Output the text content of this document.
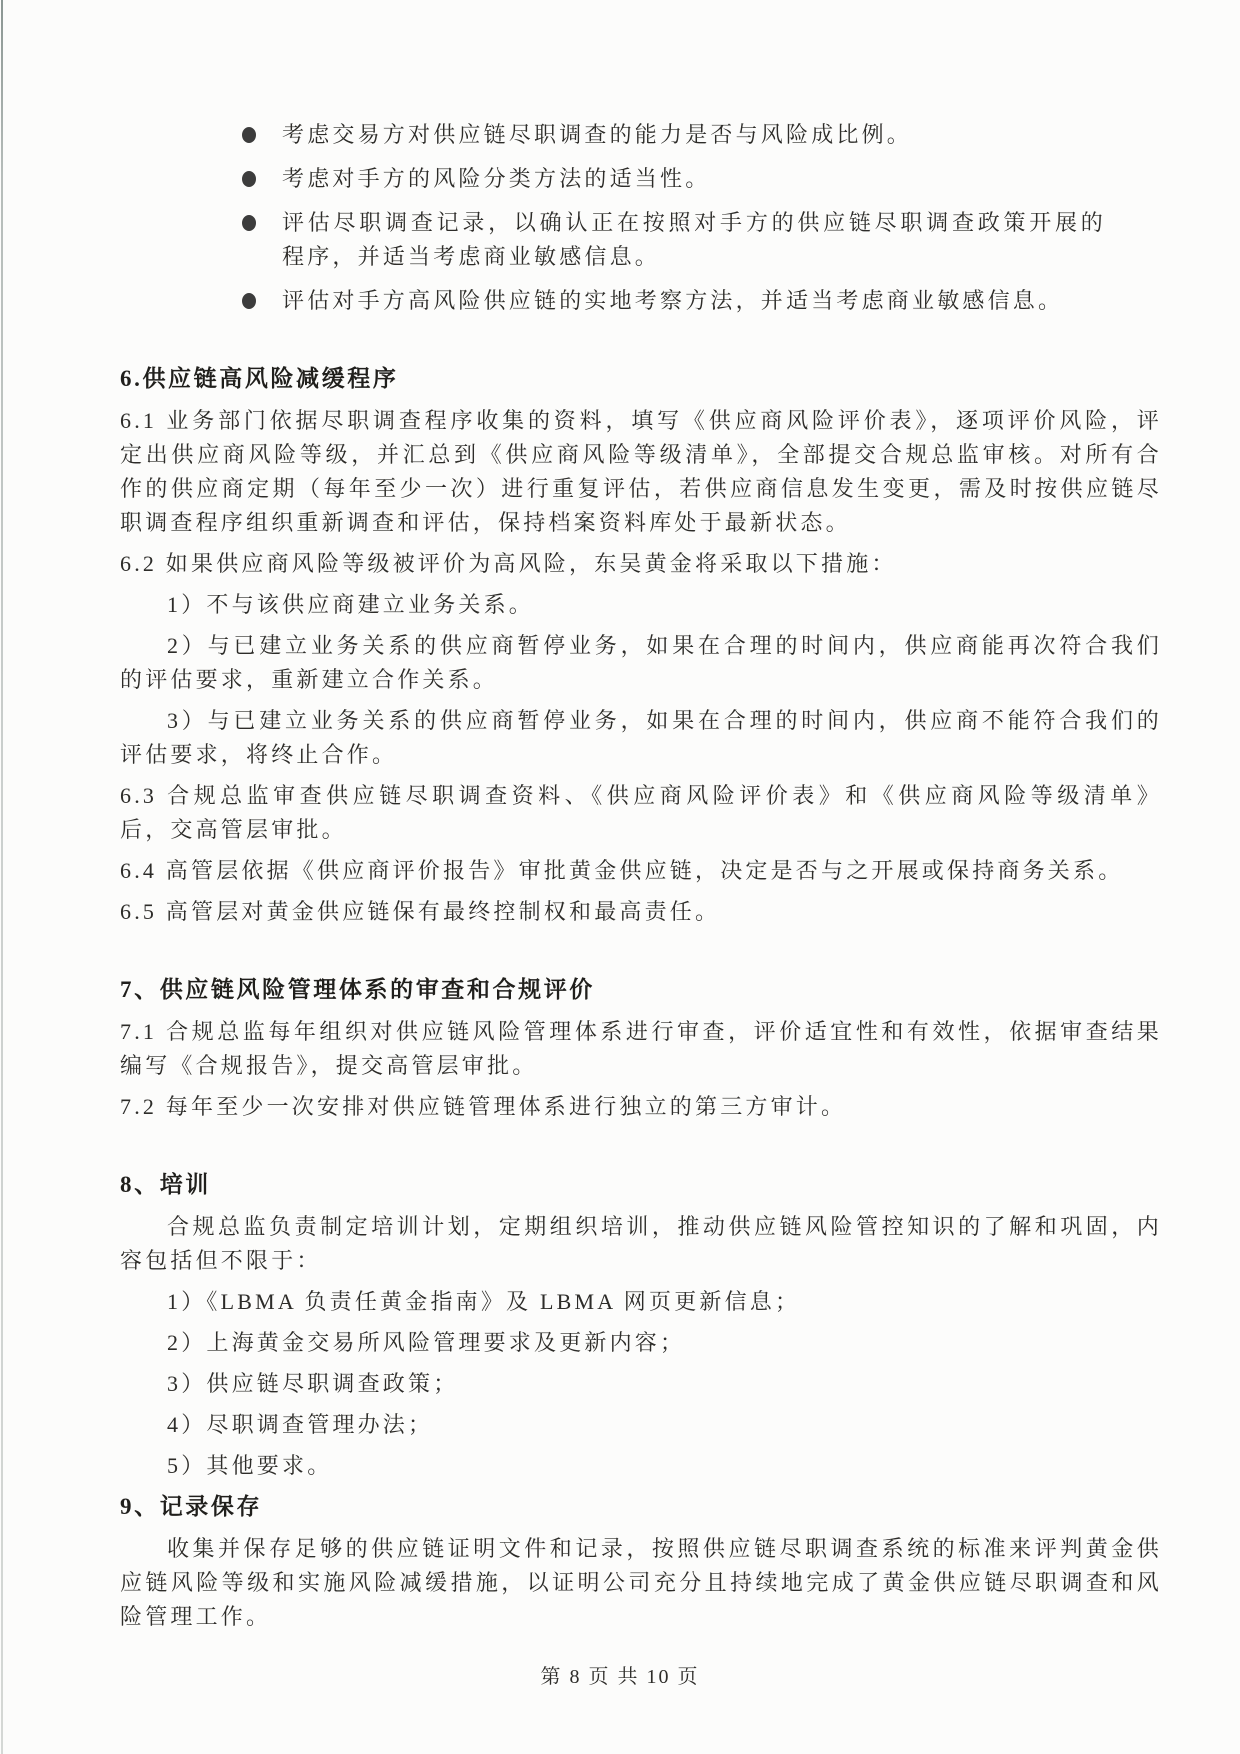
考虑交易方对供应链尽职调查的能力是否与风险成比例。
考虑对手方的风险分类方法的适当性。
评估尽职调查记录，以确认正在按照对手方的供应链尽职调查政策开展的程序，并适当考虑商业敏感信息。
评估对手方高风险供应链的实地考察方法，并适当考虑商业敏感信息。
6.供应链高风险减缓程序

6.1 业务部门依据尽职调查程序收集的资料，填写《供应商风险评价表》，逐项评价风险，评定出供应商风险等级，并汇总到《供应商风险等级清单》，全部提交合规总监审核。对所有合作的供应商定期（每年至少一次）进行重复评估，若供应商信息发生变更，需及时按供应链尽职调查程序组织重新调查和评估，保持档案资料库处于最新状态。

6.2 如果供应商风险等级被评价为高风险，东吴黄金将采取以下措施：

1）不与该供应商建立业务关系。

2）与已建立业务关系的供应商暂停业务，如果在合理的时间内，供应商能再次符合我们的评估要求，重新建立合作关系。

3）与已建立业务关系的供应商暂停业务，如果在合理的时间内，供应商不能符合我们的评估要求，将终止合作。

6.3 合规总监审查供应链尽职调查资料、《供应商风险评价表》和《供应商风险等级清单》后，交高管层审批。

6.4 高管层依据《供应商评价报告》审批黄金供应链，决定是否与之开展或保持商务关系。

6.5 高管层对黄金供应链保有最终控制权和最高责任。

7、供应链风险管理体系的审查和合规评价

7.1 合规总监每年组织对供应链风险管理体系进行审查，评价适宜性和有效性，依据审查结果编写《合规报告》，提交高管层审批。

7.2 每年至少一次安排对供应链管理体系进行独立的第三方审计。

8、培训

合规总监负责制定培训计划，定期组织培训，推动供应链风险管控知识的了解和巩固，内容包括但不限于：

1）《LBMA 负责任黄金指南》及 LBMA 网页更新信息；

2）上海黄金交易所风险管理要求及更新内容；

3）供应链尽职调查政策；

4）尽职调查管理办法；

5）其他要求。

9、记录保存

收集并保存足够的供应链证明文件和记录，按照供应链尽职调查系统的标准来评判黄金供应链风险等级和实施风险减缓措施，以证明公司充分且持续地完成了黄金供应链尽职调查和风险管理工作。

第 8 页 共 10 页
